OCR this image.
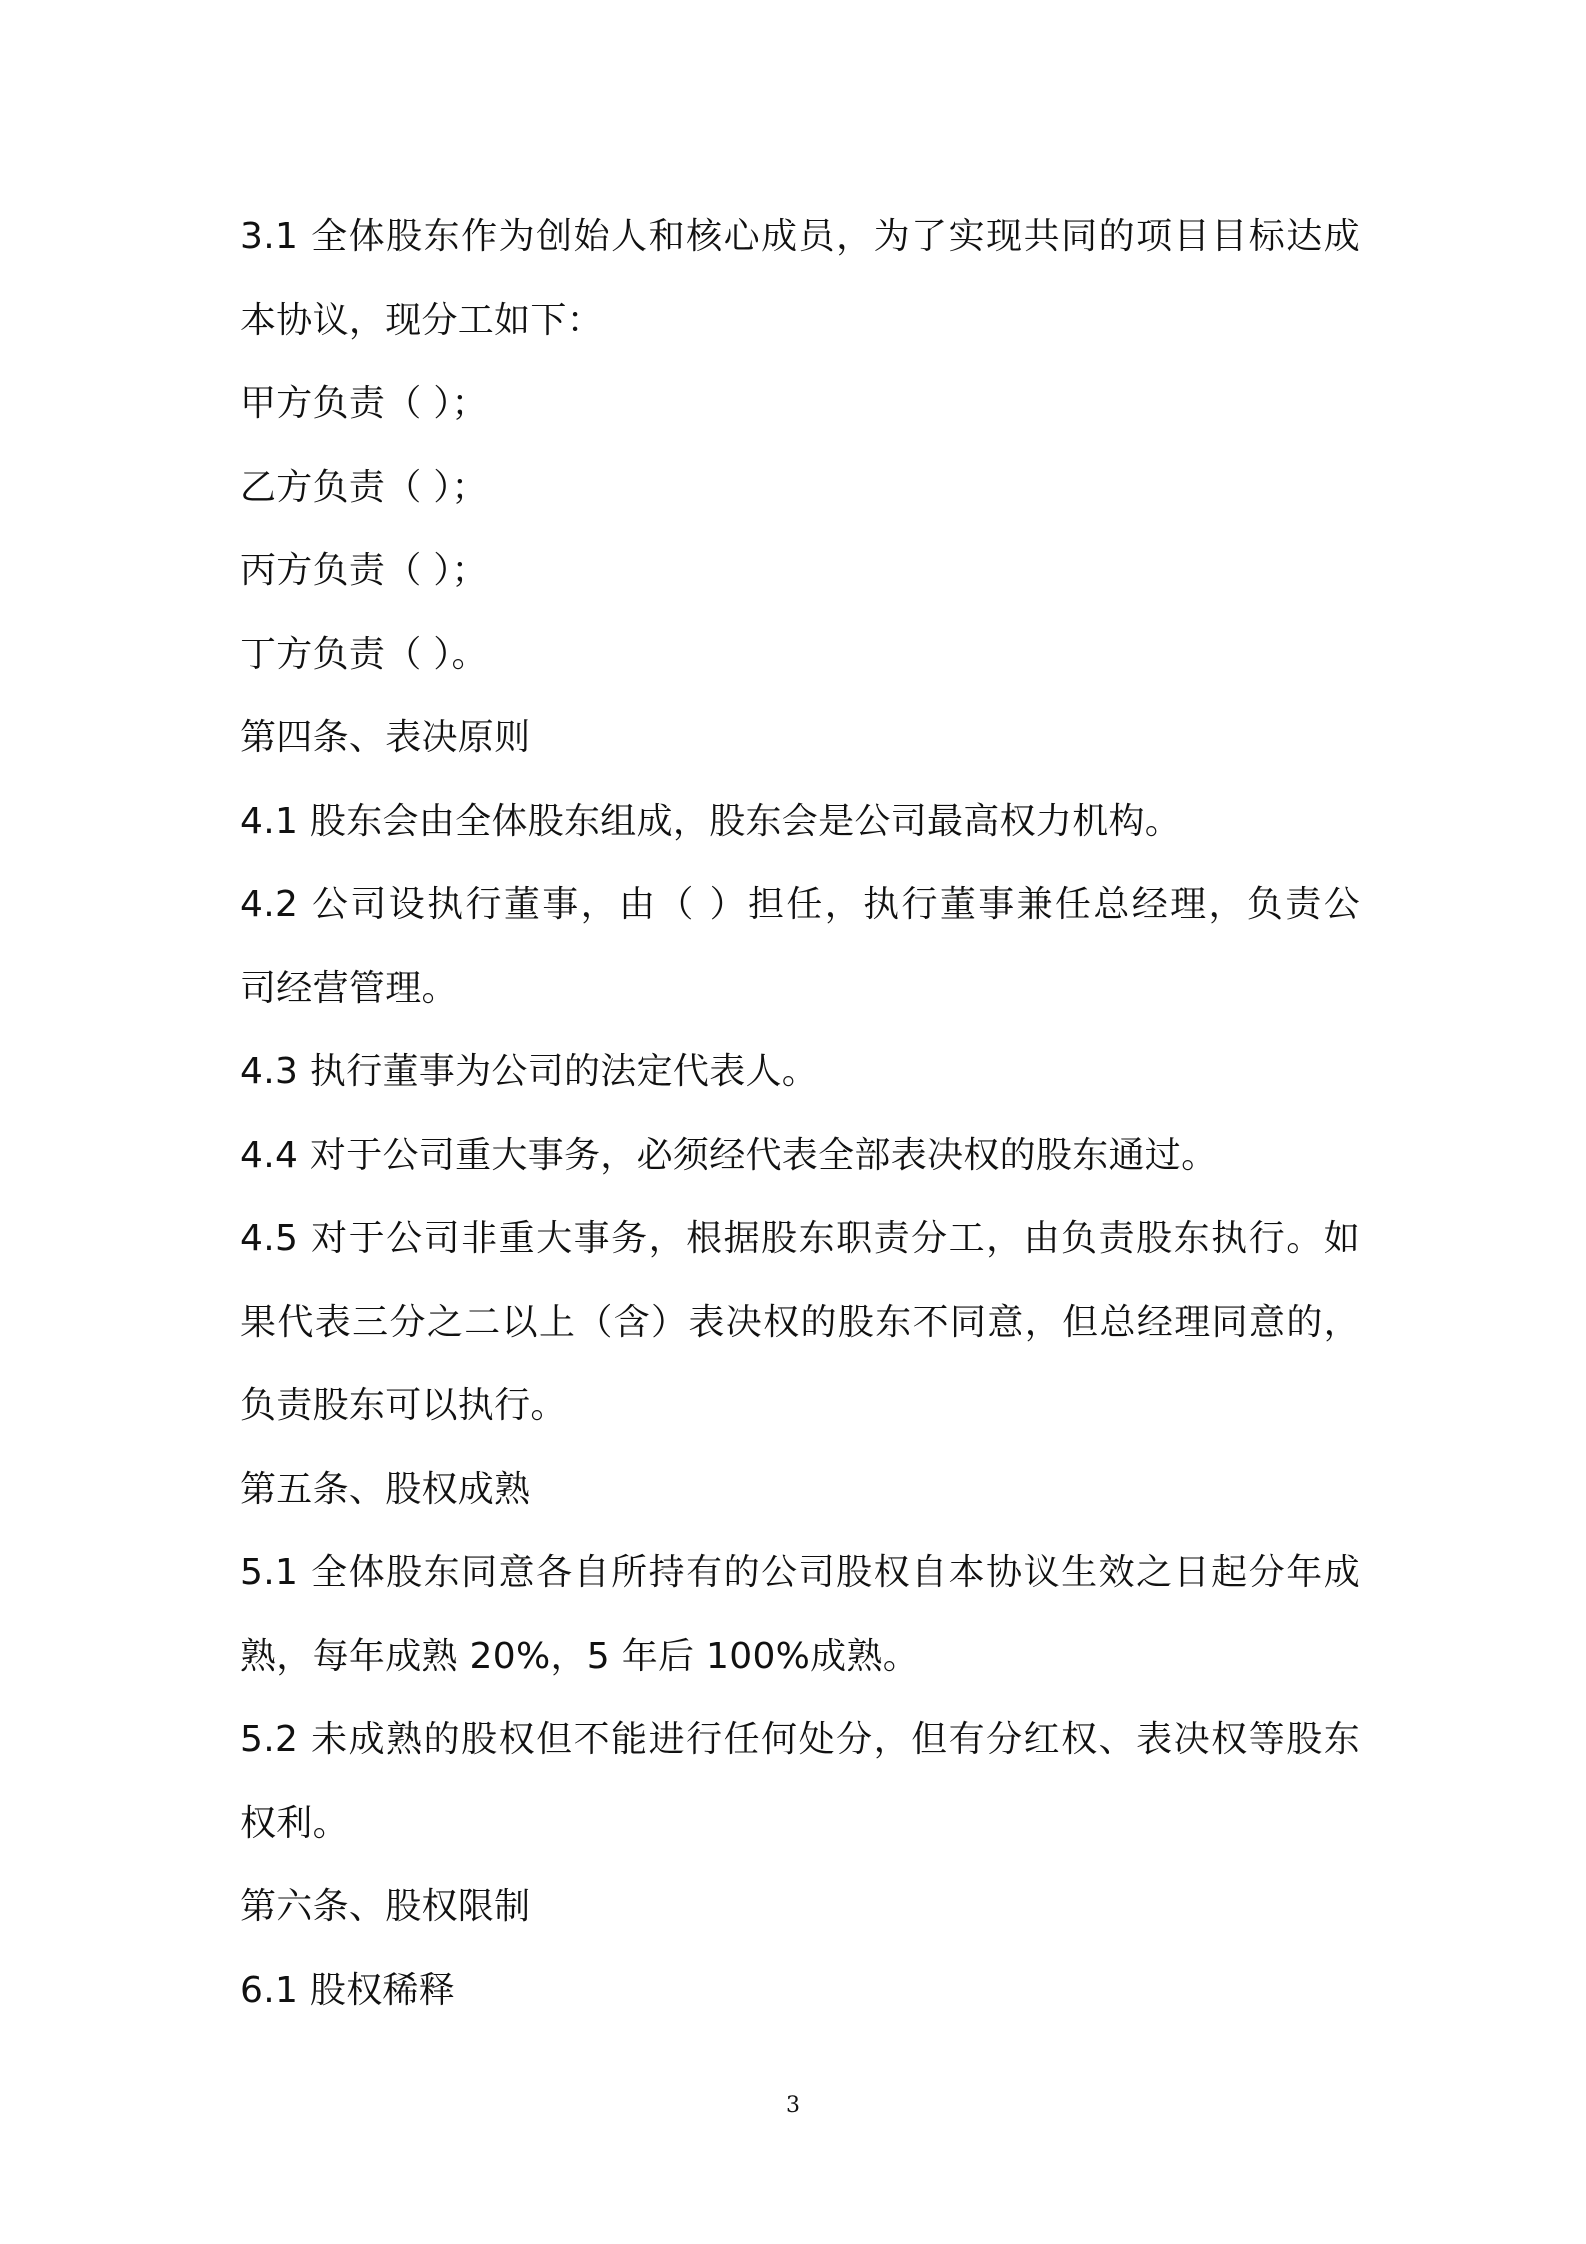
3.1 全体股东作为创始人和核心成员，为了实现共同的项目目标达成

本协议，现分工如下：

甲方负责（ ）；

乙方负责（ ）；

丙方负责（ ）；

丁方负责（ ）。

第四条、表决原则

4.1 股东会由全体股东组成，股东会是公司最高权力机构。

4.2 公司设执行董事，由（ ）担任，执行董事兼任总经理，负责公

司经营管理。

4.3 执行董事为公司的法定代表人。

4.4 对于公司重大事务，必须经代表全部表决权的股东通过。

4.5 对于公司非重大事务，根据股东职责分工，由负责股东执行。如

果代表三分之二以上（含）表决权的股东不同意，但总经理同意的，

负责股东可以执行。

第五条、股权成熟

5.1 全体股东同意各自所持有的公司股权自本协议生效之日起分年成

熟，每年成熟 20%，5 年后 100%成熟。

5.2 未成熟的股权但不能进行任何处分，但有分红权、表决权等股东

权利。

第六条、股权限制

6.1 股权稀释

3
